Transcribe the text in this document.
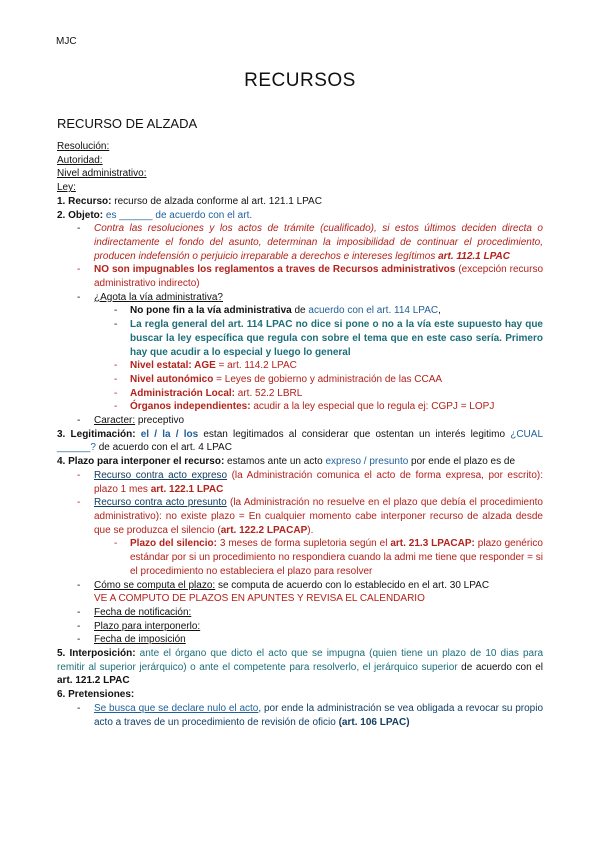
MJC
RECURSOS
RECURSO DE ALZADA

Resolución:

Autoridad:

Nivel administrativo:

Ley:

1. Recurso: recurso de alzada conforme al art. 121.1 LPAC

2. Objeto: es ______ de acuerdo con el art.

- Contra las resoluciones y los actos de trámite (cualificado), si estos últimos deciden directa o indirectamente el fondo del asunto, determinan la imposibilidad de continuar el procedimiento, producen indefensión o perjuicio irreparable a derechos e intereses legítimos art. 112.1 LPAC
- NO son impugnables los reglamentos a traves de Recursos administrativos (excepción recurso administrativo indirecto)
- ¿Agota la vía administrativa?
- No pone fin a la vía administrativa de acuerdo con el art. 114 LPAC,
- La regla general del art. 114 LPAC no dice si pone o no a la vía este supuesto hay que buscar la ley específica que regula con sobre el tema que en este caso sería. Primero hay que acudir a lo especial y luego lo general
- Nivel estatal: AGE = art. 114.2 LPAC
- Nivel autonómico = Leyes de gobierno y administración de las CCAA
- Administración Local: art. 52.2 LBRL
- Órganos independientes: acudir a la ley especial que lo regula ej: CGPJ = LOPJ
- Caracter: preceptivo

3. Legitimación: el / la / los estan legitimados al considerar que ostentan un interés legitimo ¿CUAL ______? de acuerdo con el art. 4 LPAC

4. Plazo para interponer el recurso: estamos ante un acto expreso / presunto por ende el plazo es de

- Recurso contra acto expreso (la Administración comunica el acto de forma expresa, por escrito): plazo 1 mes art. 122.1 LPAC
- Recurso contra acto presunto (la Administración no resuelve en el plazo que debía el procedimiento administrativo): no existe plazo = En cualquier momento cabe interponer recurso de alzada desde que se produzca el silencio (art. 122.2 LPACAP).
- Plazo del silencio: 3 meses de forma supletoria según el art. 21.3 LPACAP: plazo genérico estándar por si un procedimiento no respondiera cuando la admi me tiene que responder = si el procedimiento no estableciera el plazo para resolver
- Cómo se computa el plazo: se computa de acuerdo con lo establecido en el art. 30 LPAC
VE A COMPUTO DE PLAZOS EN APUNTES Y REVISA EL CALENDARIO
- Fecha de notificación:
- Plazo para interponerlo:
- Fecha de imposición

5. Interposición: ante el órgano que dicto el acto que se impugna (quien tiene un plazo de 10 dias para remitir al superior jerárquico) o ante el competente para resolverlo, el jerárquico superior de acuerdo con el art. 121.2 LPAC

6. Pretensiones:

- Se busca que se declare nulo el acto, por ende la administración se vea obligada a revocar su propio acto a traves de un procedimiento de revisión de oficio (art. 106 LPAC)
